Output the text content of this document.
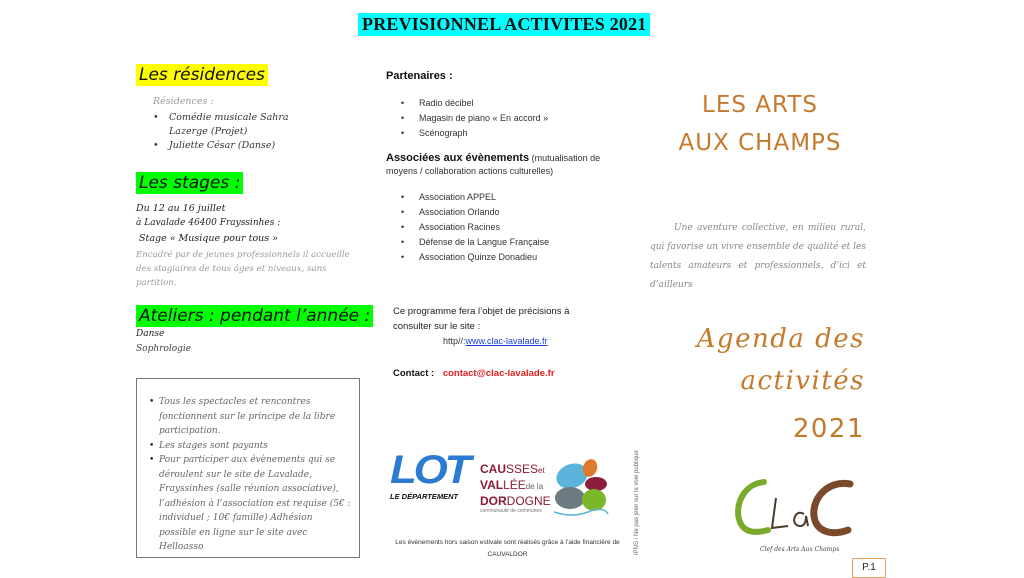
PREVISIONNEL ACTIVITES 2021
Les résidences
Résidences :
• Comédie musicale Sahra Lazerge (Projet)
• Juliette César (Danse)
Les stages :
Du 12 au 16 juillet
à Lavalade 46400 Frayssinhes :
Stage « Musique pour tous »
Encadré par de jeunes professionnels il accueille des stagiaires de tous âges et niveaux, sans partition.
Ateliers : pendant l’année :
Danse
Sophrologie
• Tous les spectacles et rencontres fonctionnent sur le principe de la libre participation.
• Les stages sont payants
• Pour participer aux évènements qui se déroulent sur le site de Lavalade, Frayssinhes (salle réunion associative), l’adhésion à l’association est requise (5€ : individuel ; 10€ famille) Adhésion possible en ligne sur le site avec Helloasso
Partenaires :
• Radio décibel
• Magasin de piano « En accord »
• Scénograph
Associées aux évènements (mutualisation de moyens / collaboration actions culturelles)
• Association APPEL
• Association Orlando
• Association Racines
• Défense de la Langue Française
• Association Quinze Donadieu
Ce programme fera l’objet de précisions à consulter sur le site :
http//:www.clac-lavalade.fr
Contact : contact@clac-lavalade.fr
LOT
LE DÉPARTEMENT
CAUSSESet
VALLÉEde la
DORDOGNE
communauté de communes
Les évènements hors saison estivale sont réalisés grâce à l’aide financière de CAUVALDOR	IPNS / Ne pas jeter sur la voie publique
LES ARTS
AUX CHAMPS
Une aventure collective, en milieu rural, qui favorise un vivre ensemble de qualité et les talents amateurs et professionnels, d’ici et d’ailleurs
Agenda des
activités
2021
Clef des Arts Aux Champs
P.1
